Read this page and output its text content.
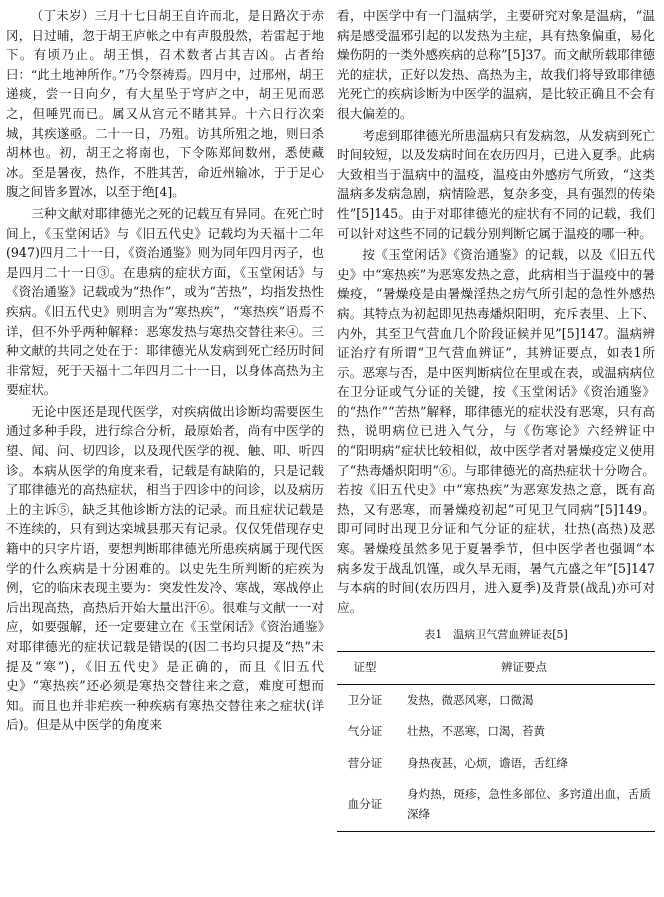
（丁未岁）三月十七日胡王自许而北，是日路次于赤冈，日过晡，忽于胡王庐帐之中有声殷殷然，若雷起于地下。有顷乃止。胡王惧，召术数者占其吉凶。占者绐曰：“此土地神所作。”乃令祭祷焉。四月中，过邢州，胡王递痰，尝一日向夕，有大星坠于穹庐之中，胡王见而恶之，但唾咒而已。属又从宫元不睹其异。十六日行次栾城，其疾遂亟。二十一日，乃殂。访其所殂之地，则曰杀胡林也。初，胡王之将南也，下令陈郑间数州，悉使藏冰。至是暑夜，热作，不胜其苦，命近州输冰，于于足心腹之间皆多置冰，以至于绝[4]。

三种文献对耶律德光之死的记载互有异同。在死亡时间上，《玉堂闲话》与《旧五代史》记载均为天福十二年(947)四月二十一日，《资治通鉴》则为同年四月丙子，也是四月二十一日③。在患病的症状方面，《玉堂闲话》与《资治通鉴》记载或为“热作”，或为“苦热”，均指发热性疾病。《旧五代史》则明言为“寒热疾”，“寒热疾”语焉不详，但不外乎两种解释：恶寒发热与寒热交替往来④。三种文献的共同之处在于：耶律德光从发病到死亡经历时间非常短，死于天福十二年四月二十一日，以身体高热为主要症状。

无论中医还是现代医学，对疾病做出诊断均需要医生通过多种手段，进行综合分析，最原始者，尚有中医学的望、闻、问、切四诊，以及现代医学的视、触、叩、听四诊。本病从医学的角度来看，记载是有缺陷的，只是记载了耶律德光的高热症状，相当于四诊中的问诊，以及病历上的主诉⑤，缺乏其他诊断方法的记录。而且症状记载是不连续的，只有到达栾城县那天有记录。仅仅凭借现存史籍中的只字片语，要想判断耶律德光所患疾病属于现代医学的什么疾病是十分困难的。以史先生所判断的疟疾为例，它的临床表现主要为：突发性发冷、寒战，寒战停止后出现高热，高热后开始大量出汗⑥。很难与文献一一对应，如要强解，还一定要建立在《玉堂闲话》《资治通鉴》对耶律德光的症状记载是错误的(因二书均只提及“热”未提及“寒”)，《旧五代史》是正确的，而且《旧五代史》“寒热疾”还必须是寒热交替往来之意，难度可想而知。而且也并非疟疾一种疾病有寒热交替往来之症状(详后)。但是从中医学的角度来

看，中医学中有一门温病学，主要研究对象是温病，“温病是感受温邪引起的以发热为主症，具有热象偏重，易化燥伤阴的一类外感疾病的总称”[5]37。而文献所载耶律德光的症状，正好以发热、高热为主，故我们将导致耶律德光死亡的疾病诊断为中医学的温病，是比较正确且不会有很大偏差的。

考虑到耶律德光所患温病只有发病忽，从发病到死亡时间较短，以及发病时间在农历四月，已进入夏季。此病大致相当于温病中的温疫，温疫由外感疠气所致，“这类温病多发病急剧，病情险恶，复杂多变，具有强烈的传染性”[5]145。由于对耶律德光的症状有不同的记载，我们可以针对这些不同的记载分别判断它属于温疫的哪一种。

按《玉堂闲话》《资治通鉴》的记载，以及《旧五代史》中“寒热疾”为恶寒发热之意，此病相当于温疫中的暑燥疫，“暑燥疫是由暑燥淫热之疠气所引起的急性外感热病。其特点为初起即见热毒燔炽阳明，充斥表里、上下、内外，其至卫气营血几个阶段证候并见”[5]147。温病辨证治疗有所谓“卫气营血辨证”，其辨证要点，如表1所示。恶寒与否，是中医判断病位在里或在表，或温病病位在卫分证或气分证的关键，按《玉堂闲话》《资治通鉴》的“热作”“苦热”解释，耶律德光的症状没有恶寒，只有高热，说明病位已进入气分，与《伤寒论》六经辨证中的“阳明病”症状比较相似，故中医学者对暑燥疫定义使用了“热毒燔炽阳明”⑥。与耶律德光的高热症状十分吻合。若按《旧五代史》中“寒热疾”为恶寒发热之意，既有高热，又有恶寒，而暑燥疫初起“可见卫气同病”[5]149。即可同时出现卫分证和气分证的症状，壮热(高热)及恶寒。暑燥疫虽然多见于夏暑季节，但中医学者也强调“本病多发于战乱饥馑，或久旱无雨，暑气亢盛之年”[5]147与本病的时间(农历四月，进入夏季)及背景(战乱)亦可对应。

表1　温病卫气营血辨证表[5]
证型	辨证要点
卫分证	发热，微恶风寒，口微渴
气分证	壮热，不恶寒，口渴，苔黄
营分证	身热夜甚，心烦，谵语，舌红绛
血分证	身灼热，斑疹，急性多部位、多窍道出血，舌质深绛
